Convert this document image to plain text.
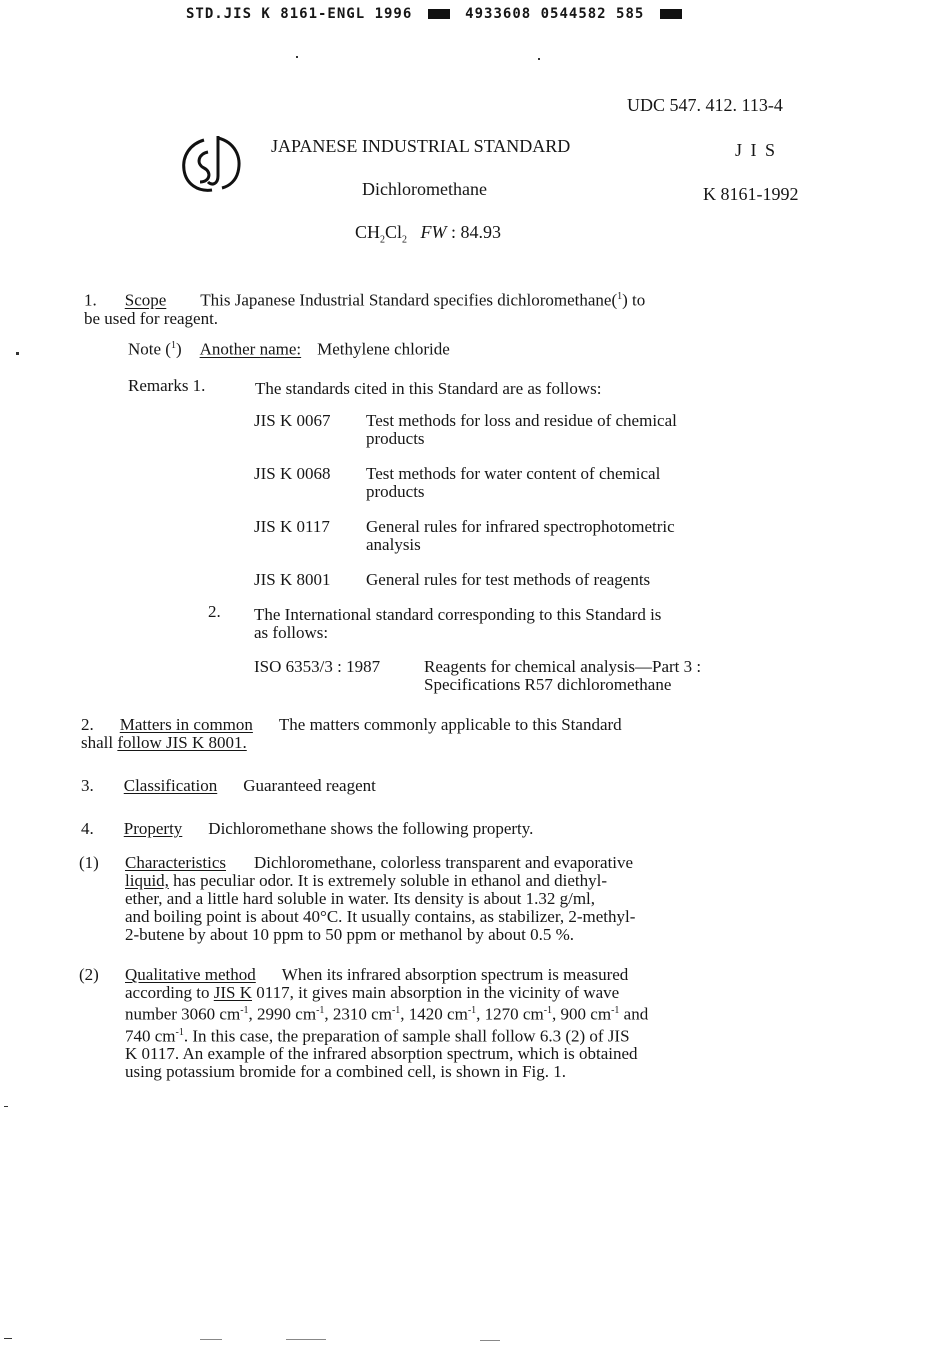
STD.JIS K 8161-ENGL 1996	4933608 0544582 585
UDC 547. 412. 113-4
JAPANESE INDUSTRIAL STANDARD	J I S
Dichloromethane	K 8161-1992
$CH_2Cl_2$ FW : 84.93

1. Scope This Japanese Industrial Standard specifies dichloromethane($^1$) to

be used for reagent.

Note ($^1$) Another name: Methylene chloride
Remarks 1.	The standards cited in this Standard are as follows:
JIS K 0067 Test methods for loss and residue of chemical

products

JIS K 0068 Test methods for water content of chemical

products

JIS K 0117 General rules for infrared spectrophotometric

analysis

JIS K 8001 General rules for test methods of reagents
2. The International standard corresponding to this Standard is

as follows:

ISO 6353/3 : 1987	Reagents for chemical analysis—Part 3 :

Specifications R57 dichloromethane

2. Matters in common The matters commonly applicable to this Standard

shall follow JIS K 8001.

3. Classification Guaranteed reagent
4. Property Dichloromethane shows the following property.
(1) Characteristics Dichloromethane, colorless transparent and evaporative

liquid, has peculiar odor. It is extremely soluble in ethanol and diethyl-

ether, and a little hard soluble in water. Its density is about 1.32 g/ml,

and boiling point is about 40°C. It usually contains, as stabilizer, 2-methyl-

2-butene by about 10 ppm to 50 ppm or methanol by about 0.5 %.

(2) Qualitative method When its infrared absorption spectrum is measured

according to JIS K 0117, it gives main absorption in the vicinity of wave

number 3060 $cm^{-1}$, 2990 $cm^{-1}$, 2310 $cm^{-1}$, 1420 $cm^{-1}$, 1270 $cm^{-1}$, 900 $cm^{-1}$ and

740 $cm^{-1}$. In this case, the preparation of sample shall follow 6.3 (2) of JIS

K 0117. An example of the infrared absorption spectrum, which is obtained

using potassium bromide for a combined cell, is shown in Fig. 1.
